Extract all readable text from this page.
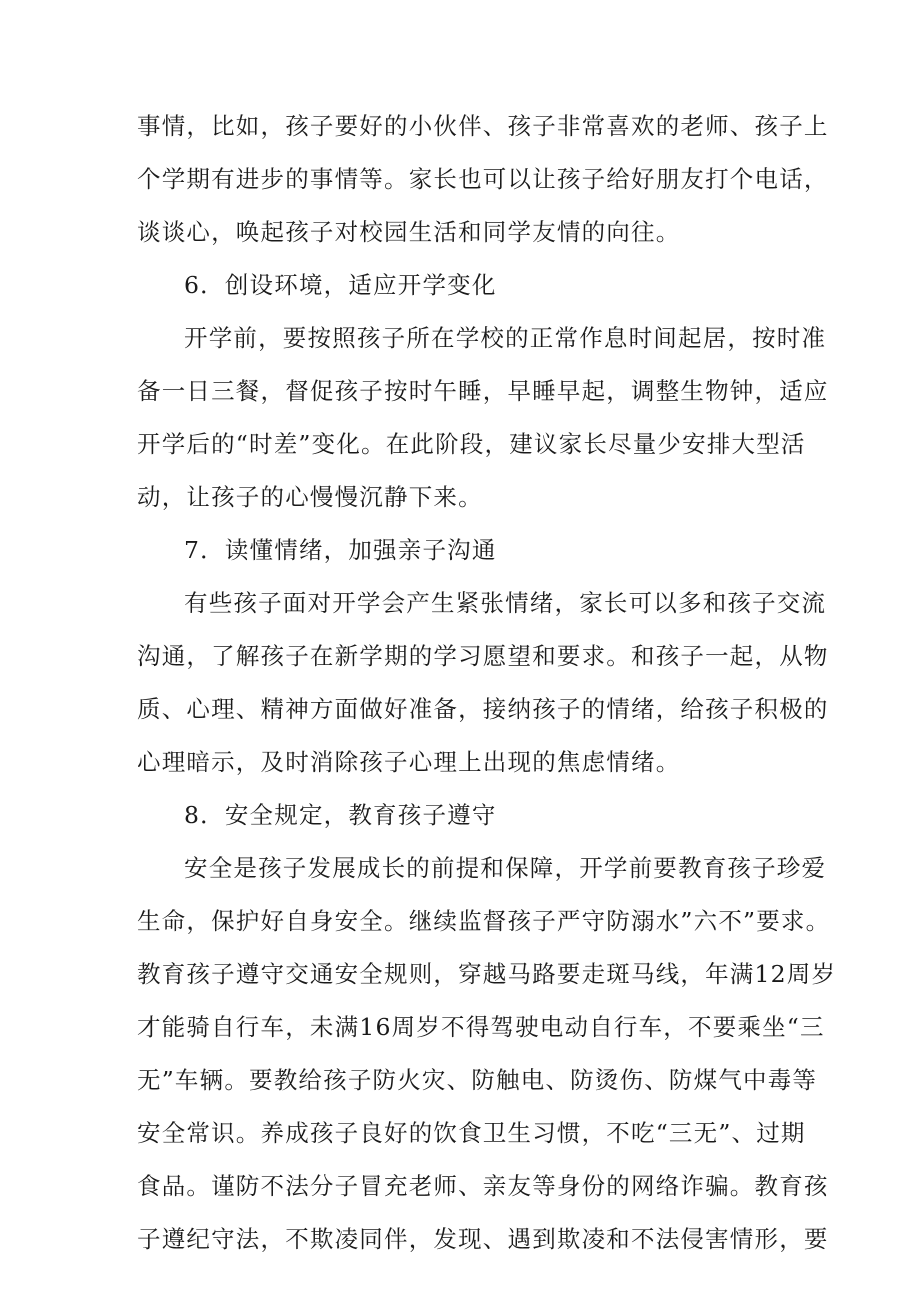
事情，比如，孩子要好的小伙伴、孩子非常喜欢的老师、孩子上
个学期有进步的事情等。家长也可以让孩子给好朋友打个电话，
谈谈心，唤起孩子对校园生活和同学友情的向往。
6．创设环境，适应开学变化
开学前，要按照孩子所在学校的正常作息时间起居，按时准
备一日三餐，督促孩子按时午睡，早睡早起，调整生物钟，适应
开学后的“时差”变化。在此阶段，建议家长尽量少安排大型活
动，让孩子的心慢慢沉静下来。
7．读懂情绪，加强亲子沟通
有些孩子面对开学会产生紧张情绪，家长可以多和孩子交流
沟通，了解孩子在新学期的学习愿望和要求。和孩子一起，从物
质、心理、精神方面做好准备，接纳孩子的情绪，给孩子积极的
心理暗示，及时消除孩子心理上出现的焦虑情绪。
8．安全规定，教育孩子遵守
安全是孩子发展成长的前提和保障，开学前要教育孩子珍爱
生命，保护好自身安全。继续监督孩子严守防溺水”六不”要求。
教育孩子遵守交通安全规则，穿越马路要走斑马线，年满12周岁
才能骑自行车，未满16周岁不得驾驶电动自行车，不要乘坐“三
无”车辆。要教给孩子防火灾、防触电、防烫伤、防煤气中毒等
安全常识。养成孩子良好的饮食卫生习惯，不吃“三无”、过期
食品。谨防不法分子冒充老师、亲友等身份的网络诈骗。教育孩
子遵纪守法，不欺凌同伴，发现、遇到欺凌和不法侵害情形，要
